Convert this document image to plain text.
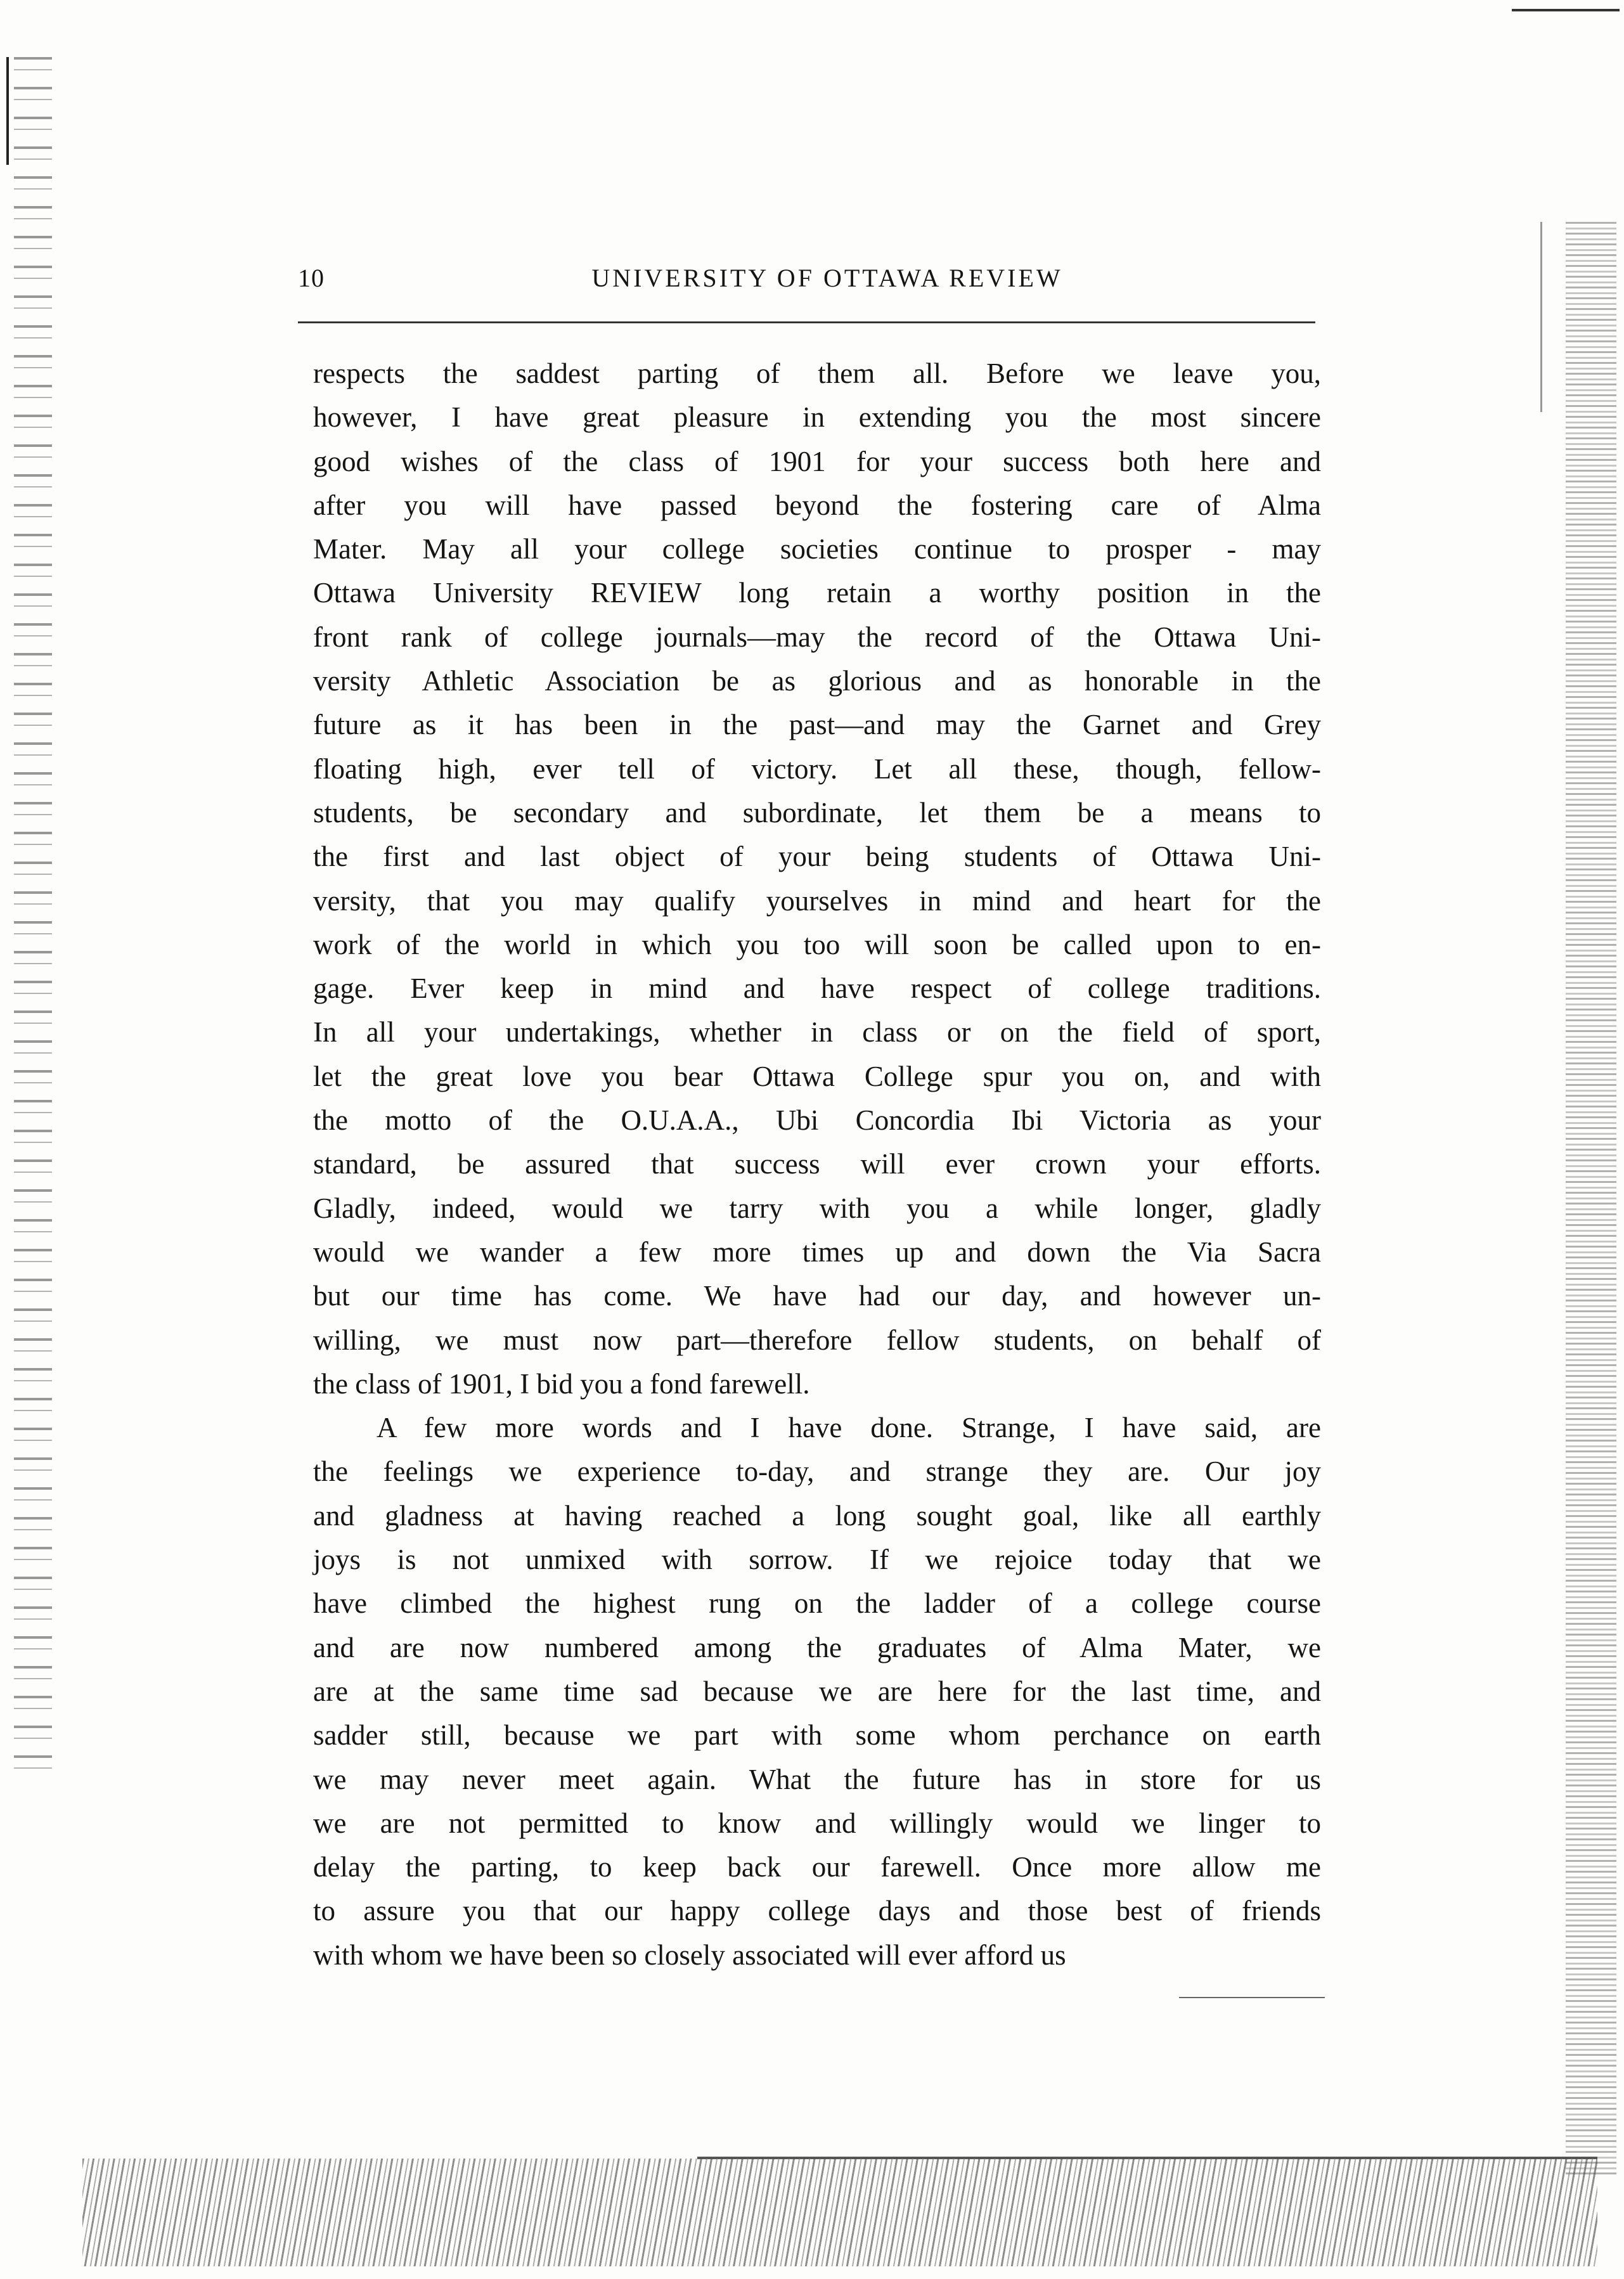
10	UNIVERSITY OF OTTAWA REVIEW
respects the saddest parting of them all. Before we leave you,
however, I have great pleasure in extending you the most sincere
good wishes of the class of 1901 for your success both here and
after you will have passed beyond the fostering care of Alma
Mater. May all your college societies continue to prosper - may
Ottawa University REVIEW long retain a worthy position in the
front rank of college journals—may the record of the Ottawa Uni-
versity Athletic Association be as glorious and as honorable in the
future as it has been in the past—and may the Garnet and Grey
floating high, ever tell of victory. Let all these, though, fellow-
students, be secondary and subordinate, let them be a means to
the first and last object of your being students of Ottawa Uni-
versity, that you may qualify yourselves in mind and heart for the
work of the world in which you too will soon be called upon to en-
gage. Ever keep in mind and have respect of college traditions.
In all your undertakings, whether in class or on the field of sport,
let the great love you bear Ottawa College spur you on, and with
the motto of the O.U.A.A., Ubi Concordia Ibi Victoria as your
standard, be assured that success will ever crown your efforts.
Gladly, indeed, would we tarry with you a while longer, gladly
would we wander a few more times up and down the Via Sacra
but our time has come. We have had our day, and however un-
willing, we must now part—therefore fellow students, on behalf of
the class of 1901, I bid you a fond farewell.
A few more words and I have done. Strange, I have said, are
the feelings we experience to-day, and strange they are. Our joy
and gladness at having reached a long sought goal, like all earthly
joys is not unmixed with sorrow. If we rejoice today that we
have climbed the highest rung on the ladder of a college course
and are now numbered among the graduates of Alma Mater, we
are at the same time sad because we are here for the last time, and
sadder still, because we part with some whom perchance on earth
we may never meet again. What the future has in store for us
we are not permitted to know and willingly would we linger to
delay the parting, to keep back our farewell. Once more allow me
to assure you that our happy college days and those best of friends
with whom we have been so closely associated will ever afford us
